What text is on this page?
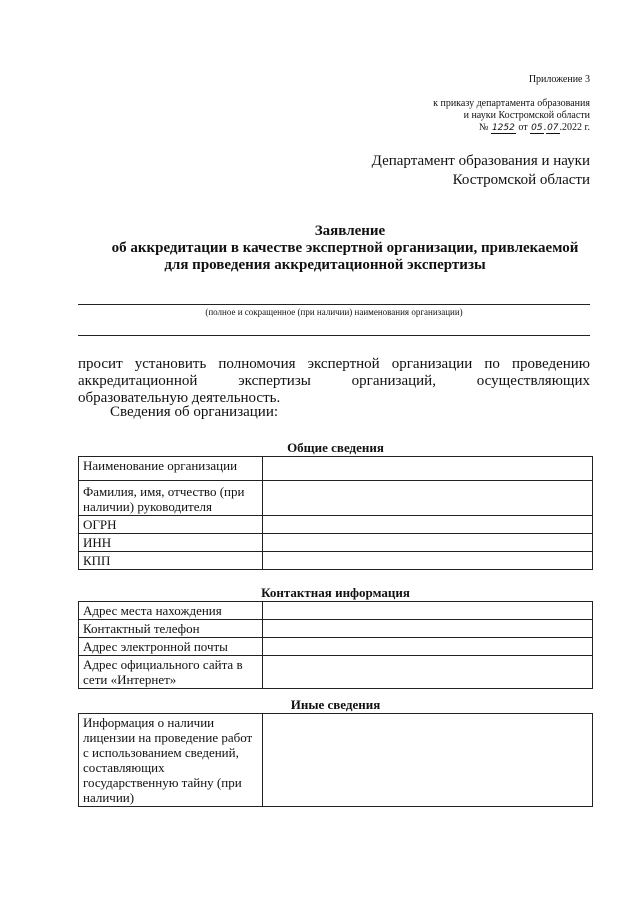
Приложение 3
к приказу департамента образования
и науки Костромской области
№ 1252 от 05.07.2022 г.
Департамент образования и науки
Костромской области
Заявление
об аккредитации в качестве экспертной организации, привлекаемой
для проведения аккредитационной экспертизы
(полное и сокращенное (при наличии) наименования организации)
просит установить полномочия экспертной организации по проведению аккредитационной экспертизы организаций, осуществляющих образовательную деятельность.
Сведения об организации:
Общие сведения
Наименование организации	
Фамилия, имя, отчество (при наличии) руководителя	
ОГРН	
ИНН	
КПП	
Контактная информация
Адрес места нахождения	
Контактный телефон	
Адрес электронной почты	
Адрес официального сайта в сети «Интернет»	
Иные сведения
Информация о наличии лицензии на проведение работ с использованием сведений, составляющих государственную тайну (при наличии)	
